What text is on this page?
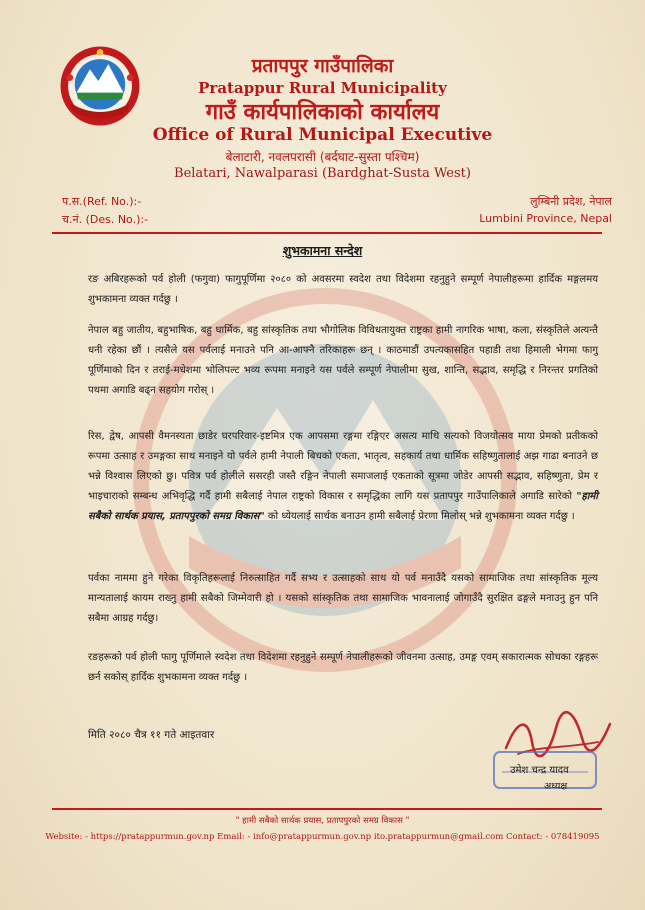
प्रतापपुर गाउँपालिका
Pratappur Rural Municipality
गाउँ कार्यपालिकाको कार्यालय
Office of Rural Municipal Executive
बेलाटारी, नवलपरासी (बर्दघाट-सुस्ता पश्चिम)
Belatari, Nawalparasi (Bardghat-Susta West)
प.स.(Ref. No.):-
च.नं. (Des. No.):-
लुम्बिनी प्रदेश, नेपाल
Lumbini Province, Nepal
शुभकामना सन्देश
रङ अबिरहरूको पर्व होली (फगुवा) फागुपूर्णिमा २०८० को अवसरमा स्वदेश तथा विदेशमा रहनुहुने सम्पूर्ण नेपालीहरूमा हार्दिक मङ्गलमय शुभकामना व्यक्त गर्दछु ।
नेपाल बहु जातीय, बहुभाषिक, बहु धार्मिक, बहु सांस्कृतिक तथा भौगोलिक विविधतायुक्त राष्ट्रका हामी नागरिक भाषा, कला, संस्कृतिले अत्यन्तै धनी रहेका छौं । त्यसैले यस पर्वलाई मनाउने पनि आ-आफ्नै तरिकाहरू छन् । काठमाडौं उपत्यकासहित पहाडी तथा हिमाली भेगमा फागु पूर्णिमाको दिन र तराई-मधेशमा भोलिपल्ट भव्य रूपमा मनाइने यस पर्वले सम्पूर्ण नेपालीमा सुख, शान्ति, सद्भाव, समृद्धि र निरन्तर प्रगतिको पथमा अगाडि बढ्न सहयोग गरोस् ।
रिस, द्वेष, आपसी वैमनस्यता छाडेर घरपरिवार-इष्टमित्र एक आपसमा रङ्गमा रङ्गिएर असत्य माथि सत्यको विजयोत्सव माया प्रेमको प्रतीकको रूपमा उत्साह र उमङ्गका साथ मनाइने यो पर्वले हामी नेपाली बिचको एकता, भातृत्व, सहकार्य तथा धार्मिक सहिष्णुतालाई अझ गाढा बनाउने छ भन्ने विश्वास लिएको छु। पवित्र पर्व होलीले ससरही जस्तै रङ्गिन नेपाली समाजलाई एकताको सूत्रमा जोडेर आपसी सद्भाव, सहिष्णुता, प्रेम र भाइचाराको सम्बन्ध अभिवृद्धि गर्दै हामी सबैलाई नेपाल राष्ट्रको विकास र समृद्धिका लागि यस प्रतापपुर गाउँपालिकाले अगाडि सारेको "हामी सबैको सार्थक प्रयास, प्रतापपुरको समग्र विकास" को ध्येयलाई सार्थक बनाउन हामी सबैलाई प्रेरणा मिलोस् भन्ने शुभकामना व्यक्त गर्दछु ।
पर्वका नाममा हुने गरेका विकृतिहरूलाई निरुत्साहित गर्दै सभ्य र उत्साहको साथ यो पर्व मनाउँदै यसको सामाजिक तथा सांस्कृतिक मूल्य मान्यतालाई कायम राख्नु हामी सबैको जिम्मेवारी हो । यसको सांस्कृतिक तथा सामाजिक भावनालाई जोगाउँदै सुरक्षित ढङ्गले मनाउनु हुन पनि सबैमा आग्रह गर्दछु।
रङहरूको पर्व होली फागु पूर्णिमाले स्वदेश तथा विदेशमा रहनुहुने सम्पूर्ण नेपालीहरूको जीवनमा उत्साह, उमङ्ग एवम् सकारात्मक सोचका रङ्गहरू छर्न सकोस् हार्दिक शुभकामना व्यक्त गर्दछु ।
मिति २०८० चैत्र ११ गते आइतवार
उमेश चन्द्र यादव
अध्यक्ष
" हामी सबैको सार्थक प्रयास, प्रतापपुरको समग्र विकास "
Website: - https://pratappurmun.gov.np Email: - info@pratappurmun.gov.np ito.pratappurmun@gmail.com Contact: - 078419095
